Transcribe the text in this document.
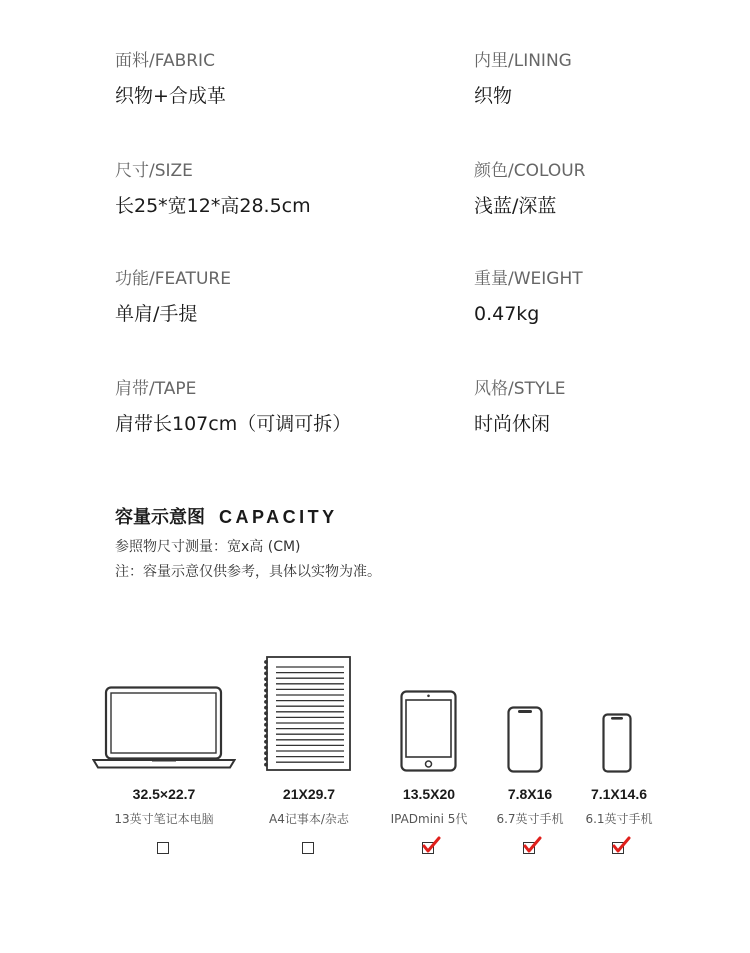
面料/FABRIC
织物+合成革
内里/LINING
织物
尺寸/SIZE
长25*宽12*高28.5cm
颜色/COLOUR
浅蓝/深蓝
功能/FEATURE
单肩/手提
重量/WEIGHT
0.47kg
肩带/TAPE
肩带长107cm（可调可拆）
风格/STYLE
时尚休闲
容量示意图 CAPACITY
参照物尺寸测量：宽x高 (CM)
注：容量示意仅供参考，具体以实物为准。
32.5×22.7
13英寸笔记本电脑
21X29.7
A4记事本/杂志
13.5X20
IPADmini 5代
7.8X16
6.7英寸手机
7.1X14.6
6.1英寸手机
